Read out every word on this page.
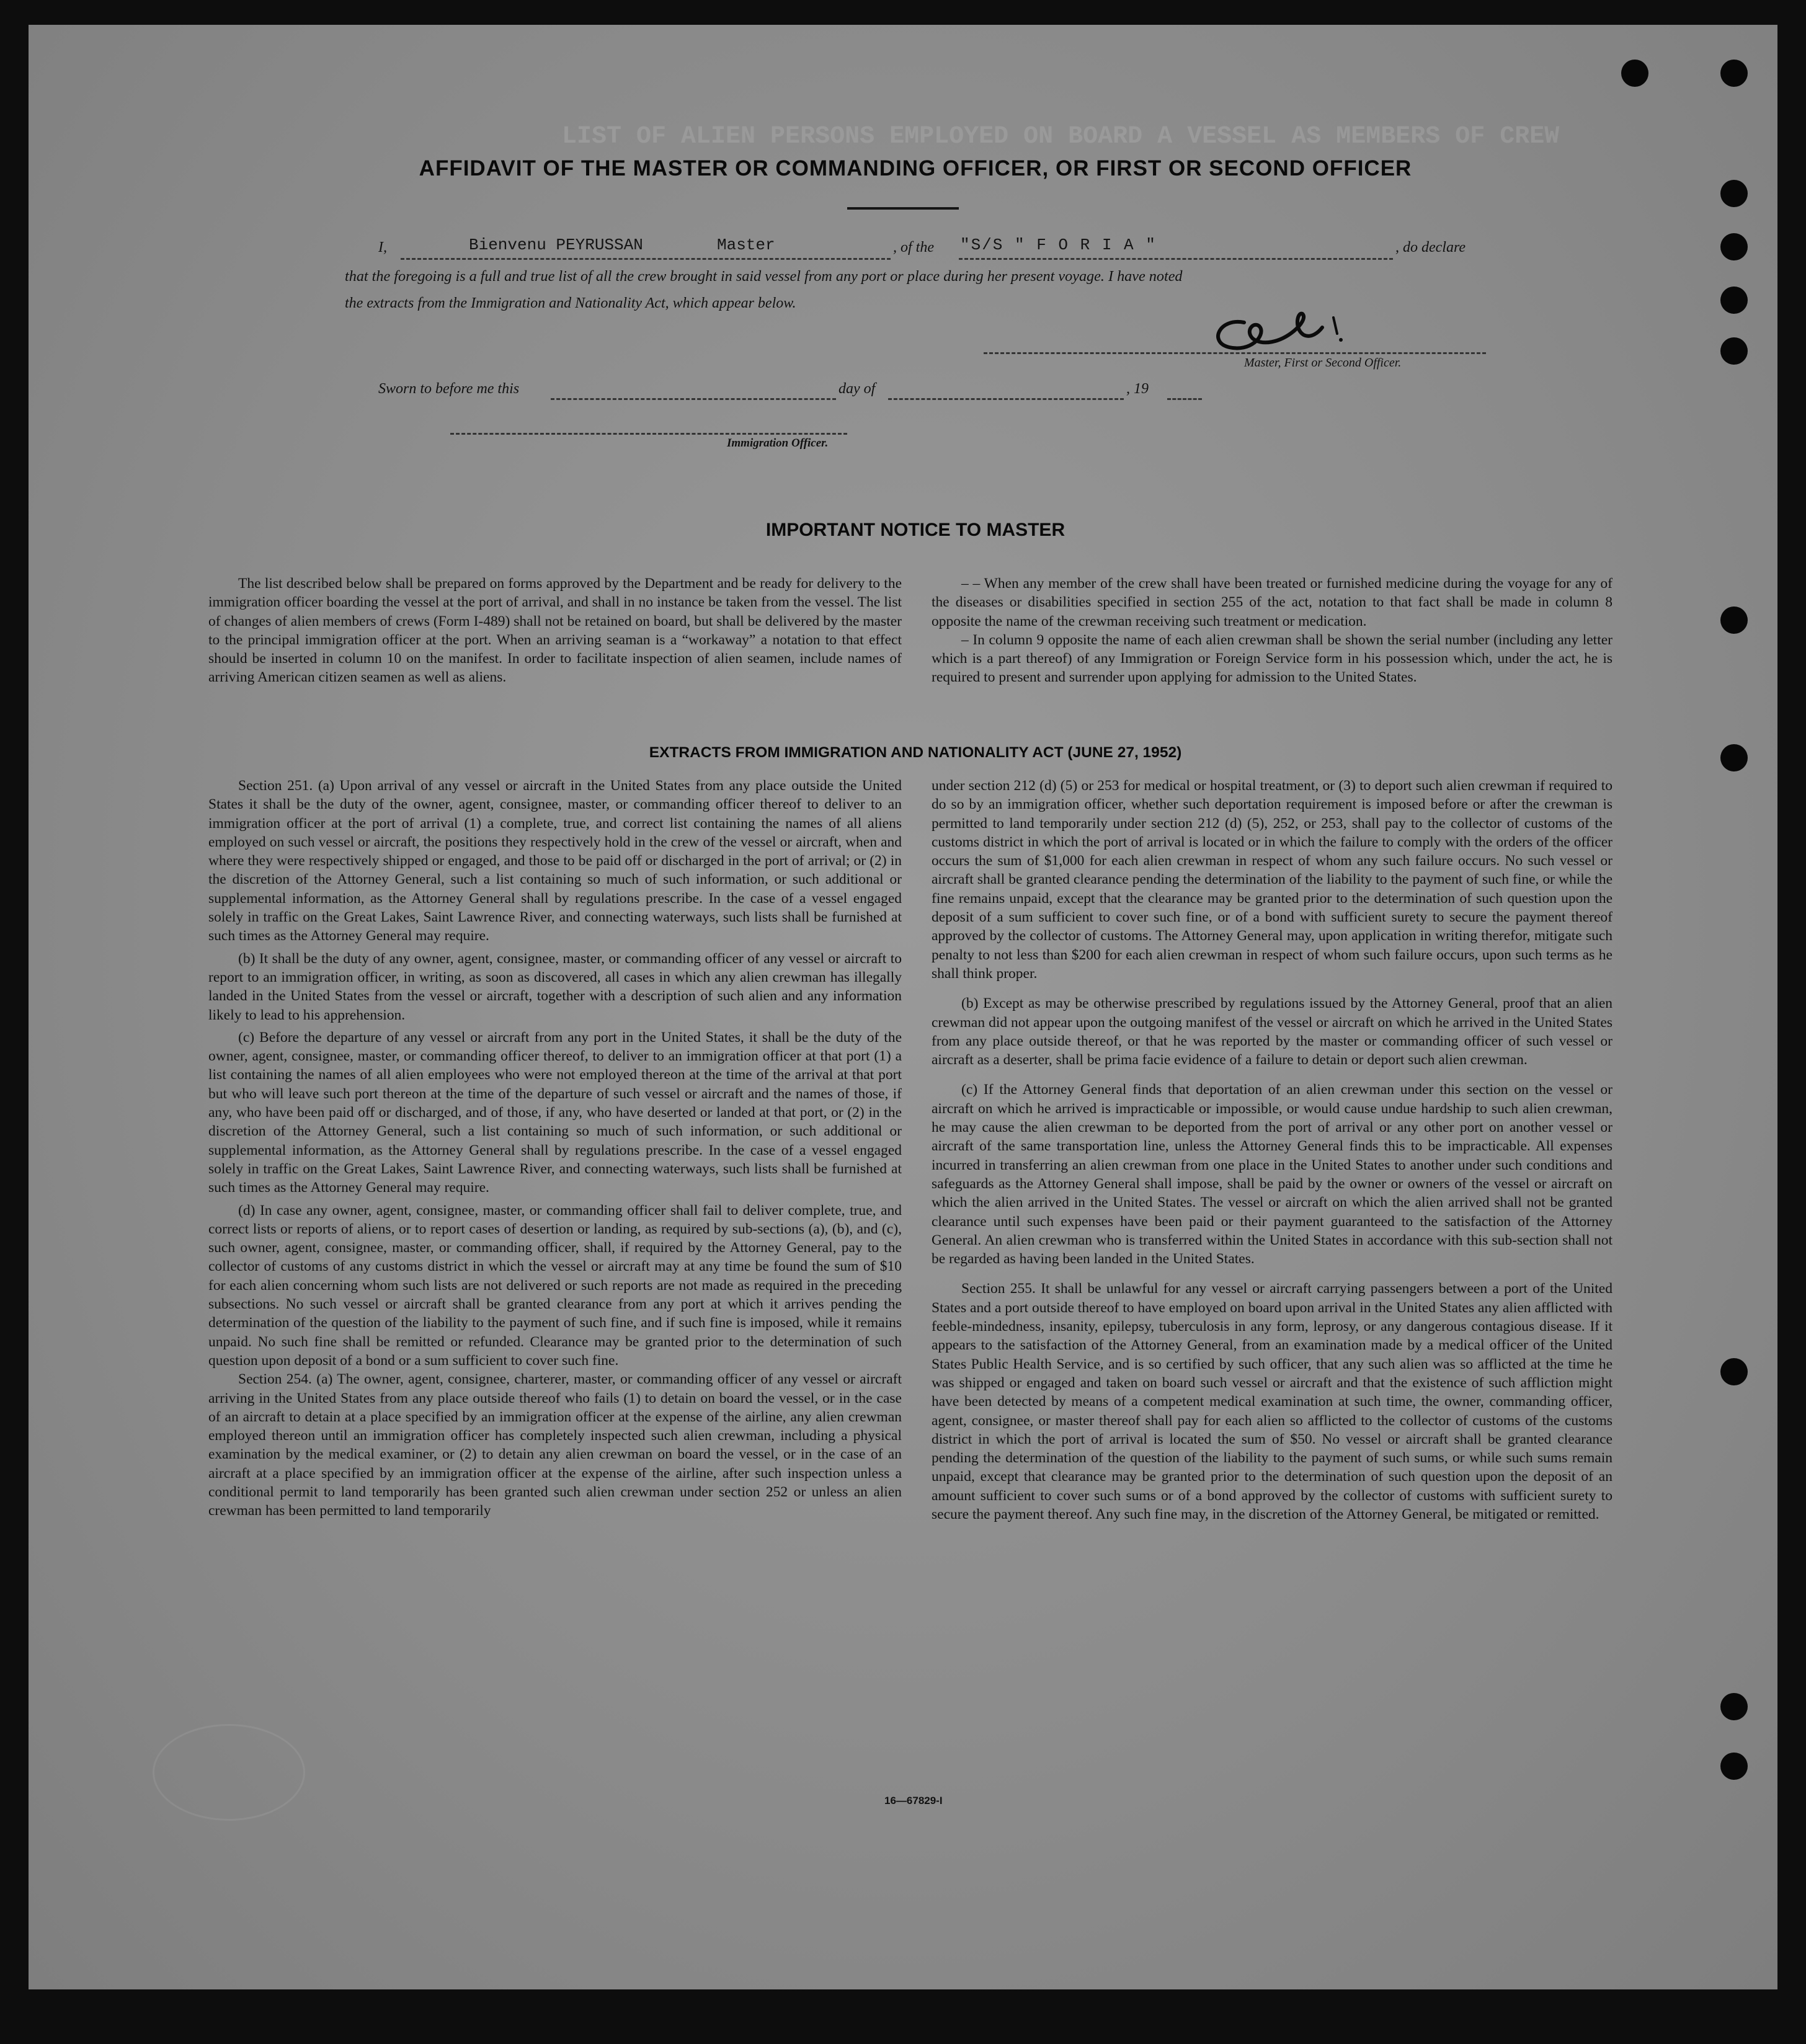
LIST OF ALIEN PERSONS EMPLOYED ON BOARD A VESSEL AS MEMBERS OF CREW
AFFIDAVIT OF THE MASTER OR COMMANDING OFFICER, OR FIRST OR SECOND OFFICER
I,	Bienvenu PEYRUSSAN	Master	, of the "S/S " F O R I A "	, do declare
that the foregoing is a full and true list of all the crew brought in said vessel from any port or place during her present voyage. I have noted
the extracts from the Immigration and Nationality Act, which appear below.
Master, First or Second Officer.
Sworn to before me this	day of	, 19
Immigration Officer.
IMPORTANT NOTICE TO MASTER

The list described below shall be prepared on forms approved by the Department and be ready for delivery to the immigration officer boarding the vessel at the port of arrival, and shall in no instance be taken from the vessel. The list of changes of alien members of crews (Form I-489) shall not be retained on board, but shall be delivered by the master to the principal immigration officer at the port. When an arriving seaman is a “workaway” a notation to that effect should be inserted in column 10 on the manifest. In order to facilitate inspection of alien seamen, include names of arriving American citizen seamen as well as aliens.

– – When any member of the crew shall have been treated or furnished medicine during the voyage for any of the diseases or disabilities specified in section 255 of the act, notation to that fact shall be made in column 8 opposite the name of the crewman receiving such treatment or medication.

– In column 9 opposite the name of each alien crewman shall be shown the serial number (including any letter which is a part thereof) of any Immigration or Foreign Service form in his possession which, under the act, he is required to present and surrender upon applying for admission to the United States.

EXTRACTS FROM IMMIGRATION AND NATIONALITY ACT (JUNE 27, 1952)

Section 251. (a) Upon arrival of any vessel or aircraft in the United States from any place outside the United States it shall be the duty of the owner, agent, consignee, master, or commanding officer thereof to deliver to an immigration officer at the port of arrival (1) a complete, true, and correct list containing the names of all aliens employed on such vessel or aircraft, the positions they respectively hold in the crew of the vessel or aircraft, when and where they were respectively shipped or engaged, and those to be paid off or discharged in the port of arrival; or (2) in the discretion of the Attorney General, such a list containing so much of such information, or such additional or supplemental information, as the Attorney General shall by regulations prescribe. In the case of a vessel engaged solely in traffic on the Great Lakes, Saint Lawrence River, and connecting waterways, such lists shall be furnished at such times as the Attorney General may require.

(b) It shall be the duty of any owner, agent, consignee, master, or commanding officer of any vessel or aircraft to report to an immigration officer, in writing, as soon as discovered, all cases in which any alien crewman has illegally landed in the United States from the vessel or aircraft, together with a description of such alien and any information likely to lead to his apprehension.

(c) Before the departure of any vessel or aircraft from any port in the United States, it shall be the duty of the owner, agent, consignee, master, or commanding officer thereof, to deliver to an immigration officer at that port (1) a list containing the names of all alien employees who were not employed thereon at the time of the arrival at that port but who will leave such port thereon at the time of the departure of such vessel or aircraft and the names of those, if any, who have been paid off or discharged, and of those, if any, who have deserted or landed at that port, or (2) in the discretion of the Attorney General, such a list containing so much of such information, or such additional or supplemental information, as the Attorney General shall by regulations prescribe. In the case of a vessel engaged solely in traffic on the Great Lakes, Saint Lawrence River, and connecting waterways, such lists shall be furnished at such times as the Attorney General may require.

(d) In case any owner, agent, consignee, master, or commanding officer shall fail to deliver complete, true, and correct lists or reports of aliens, or to report cases of desertion or landing, as required by sub-sections (a), (b), and (c), such owner, agent, consignee, master, or commanding officer, shall, if required by the Attorney General, pay to the collector of customs of any customs district in which the vessel or aircraft may at any time be found the sum of $10 for each alien concerning whom such lists are not delivered or such reports are not made as required in the preceding subsections. No such vessel or aircraft shall be granted clearance from any port at which it arrives pending the determination of the question of the liability to the payment of such fine, and if such fine is imposed, while it remains unpaid. No such fine shall be remitted or refunded. Clearance may be granted prior to the determination of such question upon deposit of a bond or a sum sufficient to cover such fine.

Section 254. (a) The owner, agent, consignee, charterer, master, or commanding officer of any vessel or aircraft arriving in the United States from any place outside thereof who fails (1) to detain on board the vessel, or in the case of an aircraft to detain at a place specified by an immigration officer at the expense of the airline, any alien crewman employed thereon until an immigration officer has completely inspected such alien crewman, including a physical examination by the medical examiner, or (2) to detain any alien crewman on board the vessel, or in the case of an aircraft at a place specified by an immigration officer at the expense of the airline, after such inspection unless a conditional permit to land temporarily has been granted such alien crewman under section 252 or unless an alien crewman has been permitted to land temporarily

under section 212 (d) (5) or 253 for medical or hospital treatment, or (3) to deport such alien crewman if required to do so by an immigration officer, whether such deportation requirement is imposed before or after the crewman is permitted to land temporarily under section 212 (d) (5), 252, or 253, shall pay to the collector of customs of the customs district in which the port of arrival is located or in which the failure to comply with the orders of the officer occurs the sum of $1,000 for each alien crewman in respect of whom any such failure occurs. No such vessel or aircraft shall be granted clearance pending the determination of the liability to the payment of such fine, or while the fine remains unpaid, except that the clearance may be granted prior to the determination of such question upon the deposit of a sum sufficient to cover such fine, or of a bond with sufficient surety to secure the payment thereof approved by the collector of customs. The Attorney General may, upon application in writing therefor, mitigate such penalty to not less than $200 for each alien crewman in respect of whom such failure occurs, upon such terms as he shall think proper.

(b) Except as may be otherwise prescribed by regulations issued by the Attorney General, proof that an alien crewman did not appear upon the outgoing manifest of the vessel or aircraft on which he arrived in the United States from any place outside thereof, or that he was reported by the master or commanding officer of such vessel or aircraft as a deserter, shall be prima facie evidence of a failure to detain or deport such alien crewman.

(c) If the Attorney General finds that deportation of an alien crewman under this section on the vessel or aircraft on which he arrived is impracticable or impossible, or would cause undue hardship to such alien crewman, he may cause the alien crewman to be deported from the port of arrival or any other port on another vessel or aircraft of the same transportation line, unless the Attorney General finds this to be impracticable. All expenses incurred in transferring an alien crewman from one place in the United States to another under such conditions and safeguards as the Attorney General shall impose, shall be paid by the owner or owners of the vessel or aircraft on which the alien arrived in the United States. The vessel or aircraft on which the alien arrived shall not be granted clearance until such expenses have been paid or their payment guaranteed to the satisfaction of the Attorney General. An alien crewman who is transferred within the United States in accordance with this sub-section shall not be regarded as having been landed in the United States.

Section 255. It shall be unlawful for any vessel or aircraft carrying passengers between a port of the United States and a port outside thereof to have employed on board upon arrival in the United States any alien afflicted with feeble-mindedness, insanity, epilepsy, tuberculosis in any form, leprosy, or any dangerous contagious disease. If it appears to the satisfaction of the Attorney General, from an examination made by a medical officer of the United States Public Health Service, and is so certified by such officer, that any such alien was so afflicted at the time he was shipped or engaged and taken on board such vessel or aircraft and that the existence of such affliction might have been detected by means of a competent medical examination at such time, the owner, commanding officer, agent, consignee, or master thereof shall pay for each alien so afflicted to the collector of customs of the customs district in which the port of arrival is located the sum of $50. No vessel or aircraft shall be granted clearance pending the determination of the question of the liability to the payment of such sums, or while such sums remain unpaid, except that clearance may be granted prior to the determination of such question upon the deposit of an amount sufficient to cover such sums or of a bond approved by the collector of customs with sufficient surety to secure the payment thereof. Any such fine may, in the discretion of the Attorney General, be mitigated or remitted.

16—67829-I
